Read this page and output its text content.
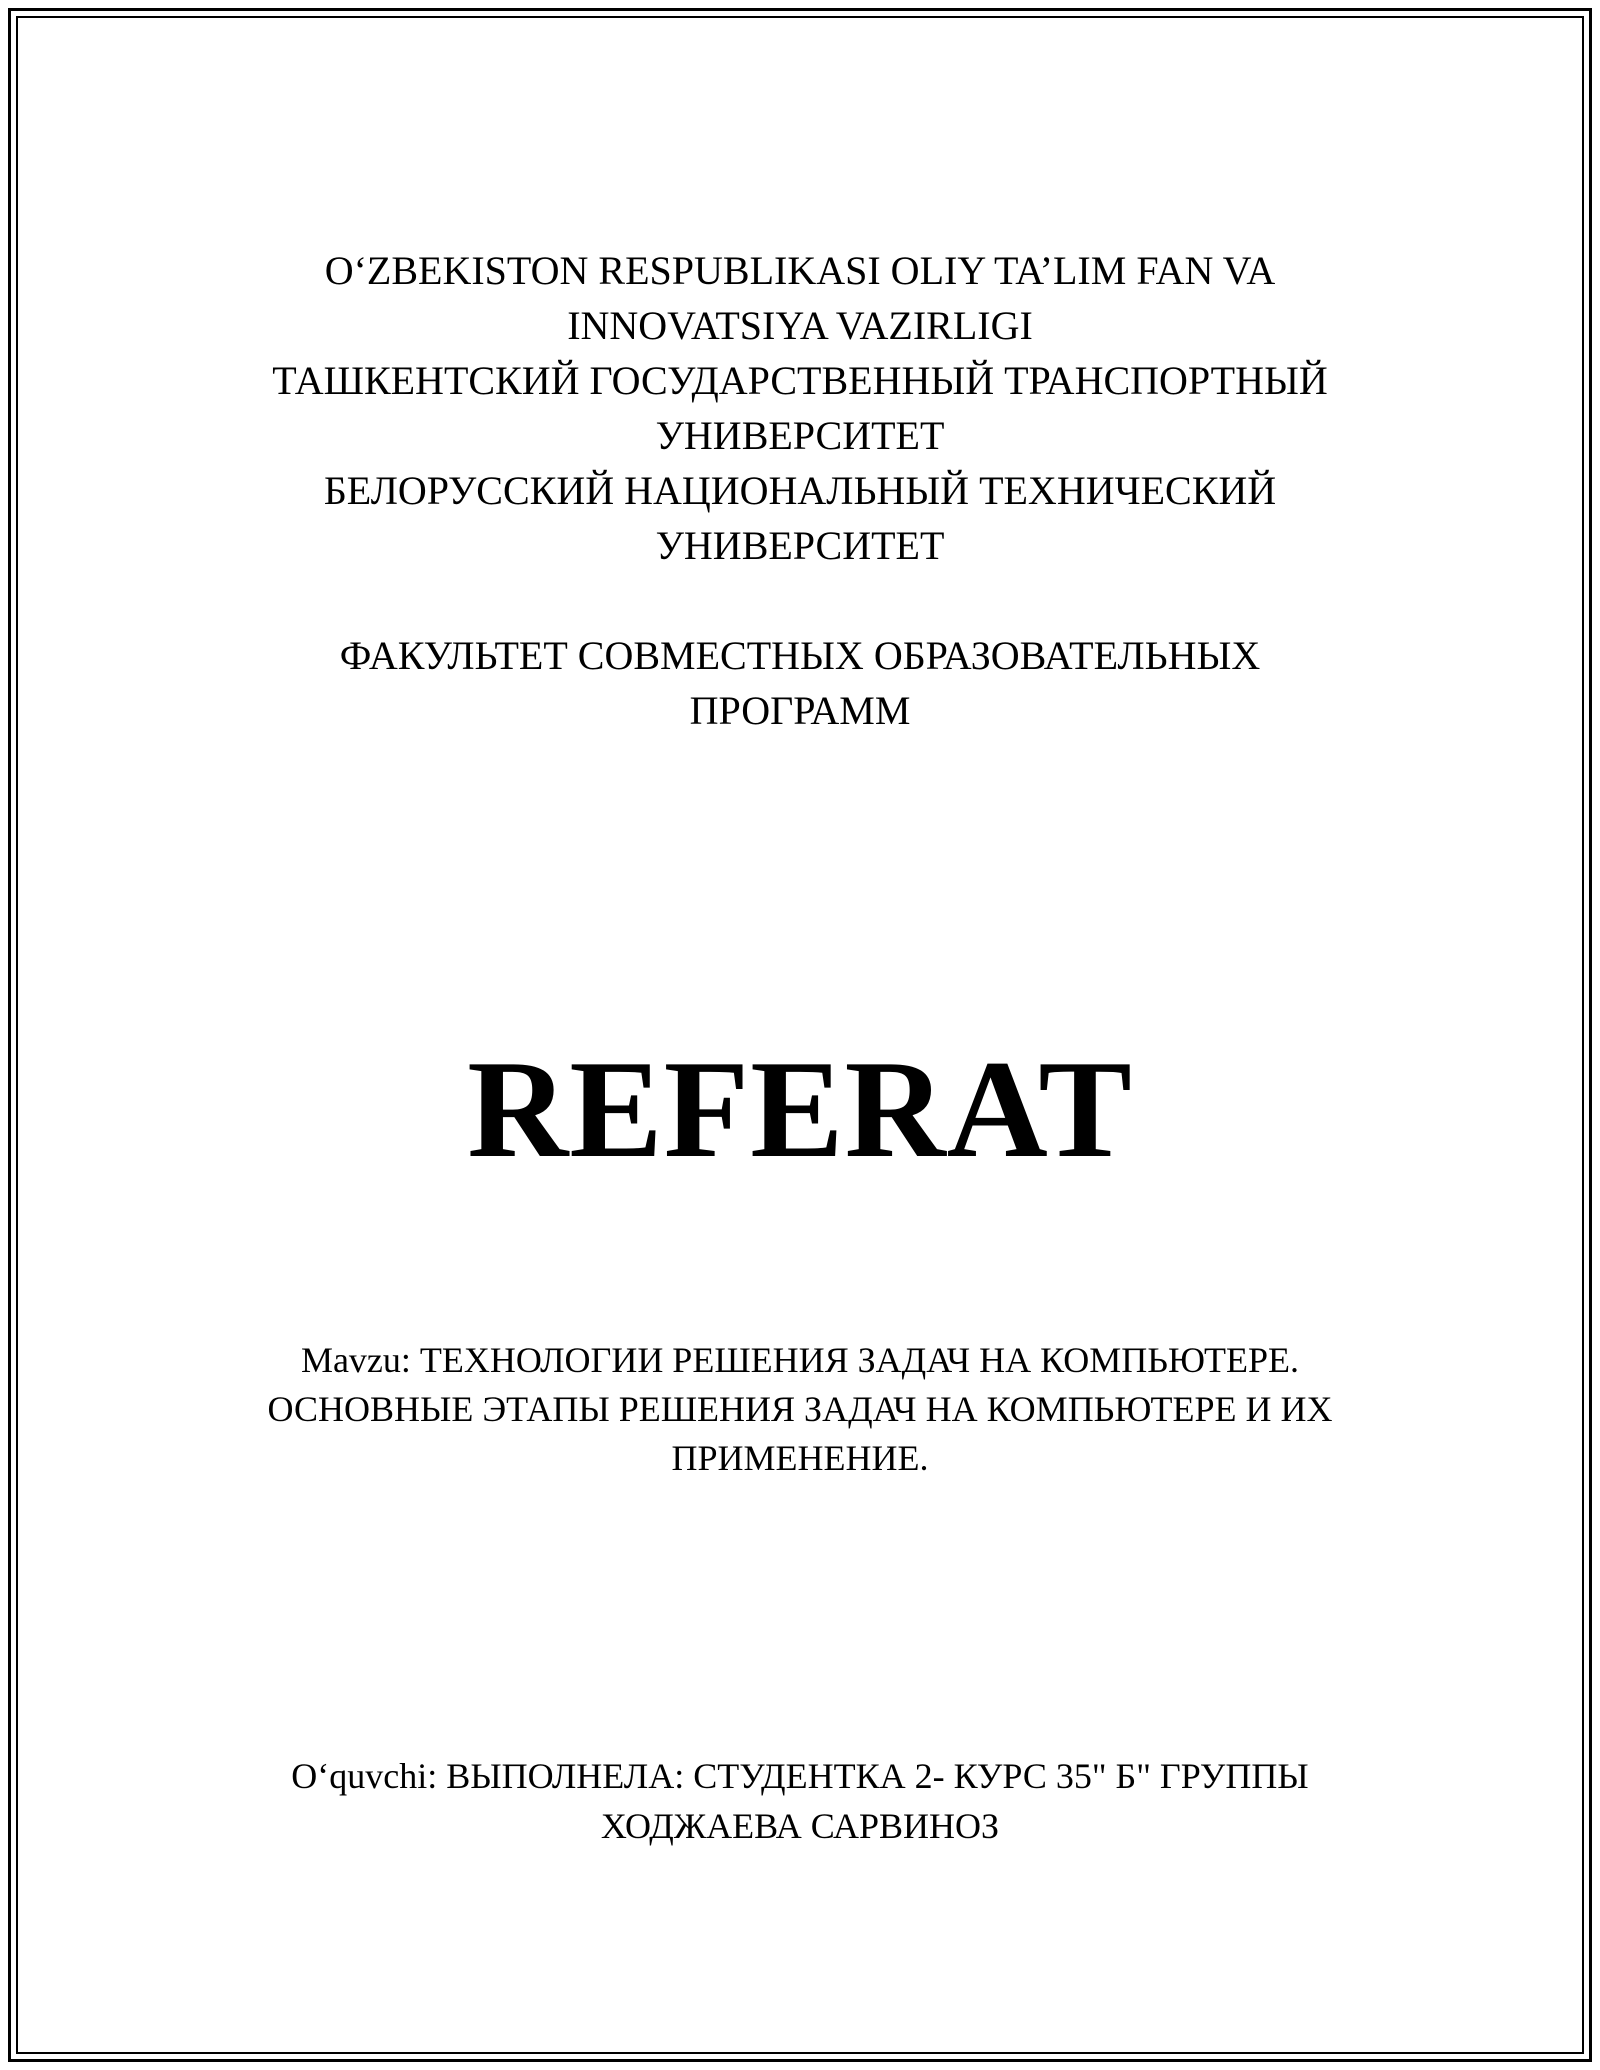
O‘ZBEKISTON RESPUBLIKASI OLIY TA’LIM FAN VA
INNOVATSIYA VAZIRLIGI
ТАШКЕНТСКИЙ ГОСУДАРСТВЕННЫЙ ТРАНСПОРТНЫЙ
УНИВЕРСИТЕТ
БЕЛОРУССКИЙ НАЦИОНАЛЬНЫЙ ТЕХНИЧЕСКИЙ
УНИВЕРСИТЕТ
ФАКУЛЬТЕТ СОВМЕСТНЫХ ОБРАЗОВАТЕЛЬНЫХ
ПРОГРАММ
REFERAT
Mavzu: ТЕХНОЛОГИИ РЕШЕНИЯ ЗАДАЧ НА КОМПЬЮТЕРЕ.
ОСНОВНЫЕ ЭТАПЫ РЕШЕНИЯ ЗАДАЧ НА КОМПЬЮТЕРЕ И ИХ
ПРИМЕНЕНИЕ.
O‘quvchi: ВЫПОЛНЕЛА: СТУДЕНТКА 2- КУРС 35" Б" ГРУППЫ
ХОДЖАЕВА САРВИНОЗ
